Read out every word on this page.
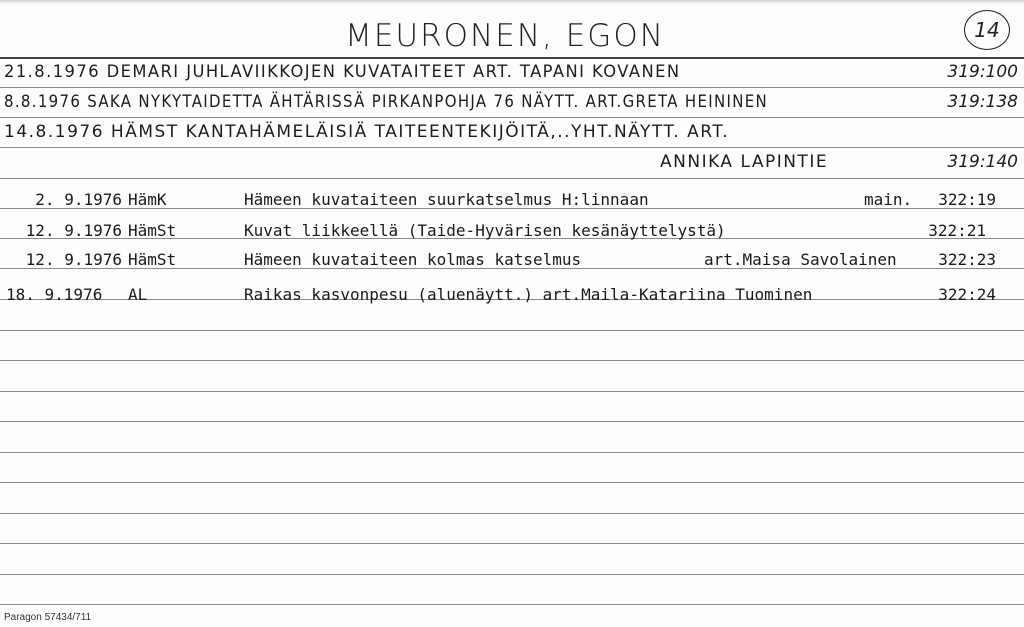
MEURONEN, EGON	14
21.8.1976 DEMARI JUHLAVIIKKOJEN KUVATAITEET ART. TAPANI KOVANEN	319:100
8.8.1976 SAKA NYKYTAIDETTA ÄHTÄRISSÄ PIRKANPOHJA 76 NÄYTT. ART.GRETA HEININEN	319:138
14.8.1976 HÄMST KANTAHÄMELÄISIÄ TAITEENTEKIJÖITÄ,..YHT.NÄYTT. ART.
ANNIKA LAPINTIE	319:140
2. 9.1976 HämK	Hämeen kuvataiteen suurkatselmus H:linnaan	main. 322:19
12. 9.1976 HämSt	Kuvat liikkeellä (Taide-Hyvärisen kesänäyttelystä)	322:21
12. 9.1976 HämSt	Hämeen kuvataiteen kolmas katselmus	art.Maisa Savolainen	322:23
18. 9.1976	AL	Raikas kasvonpesu (aluenäytt.) art.Maila-Katariina Tuominen	322:24
Paragon 57434/711
